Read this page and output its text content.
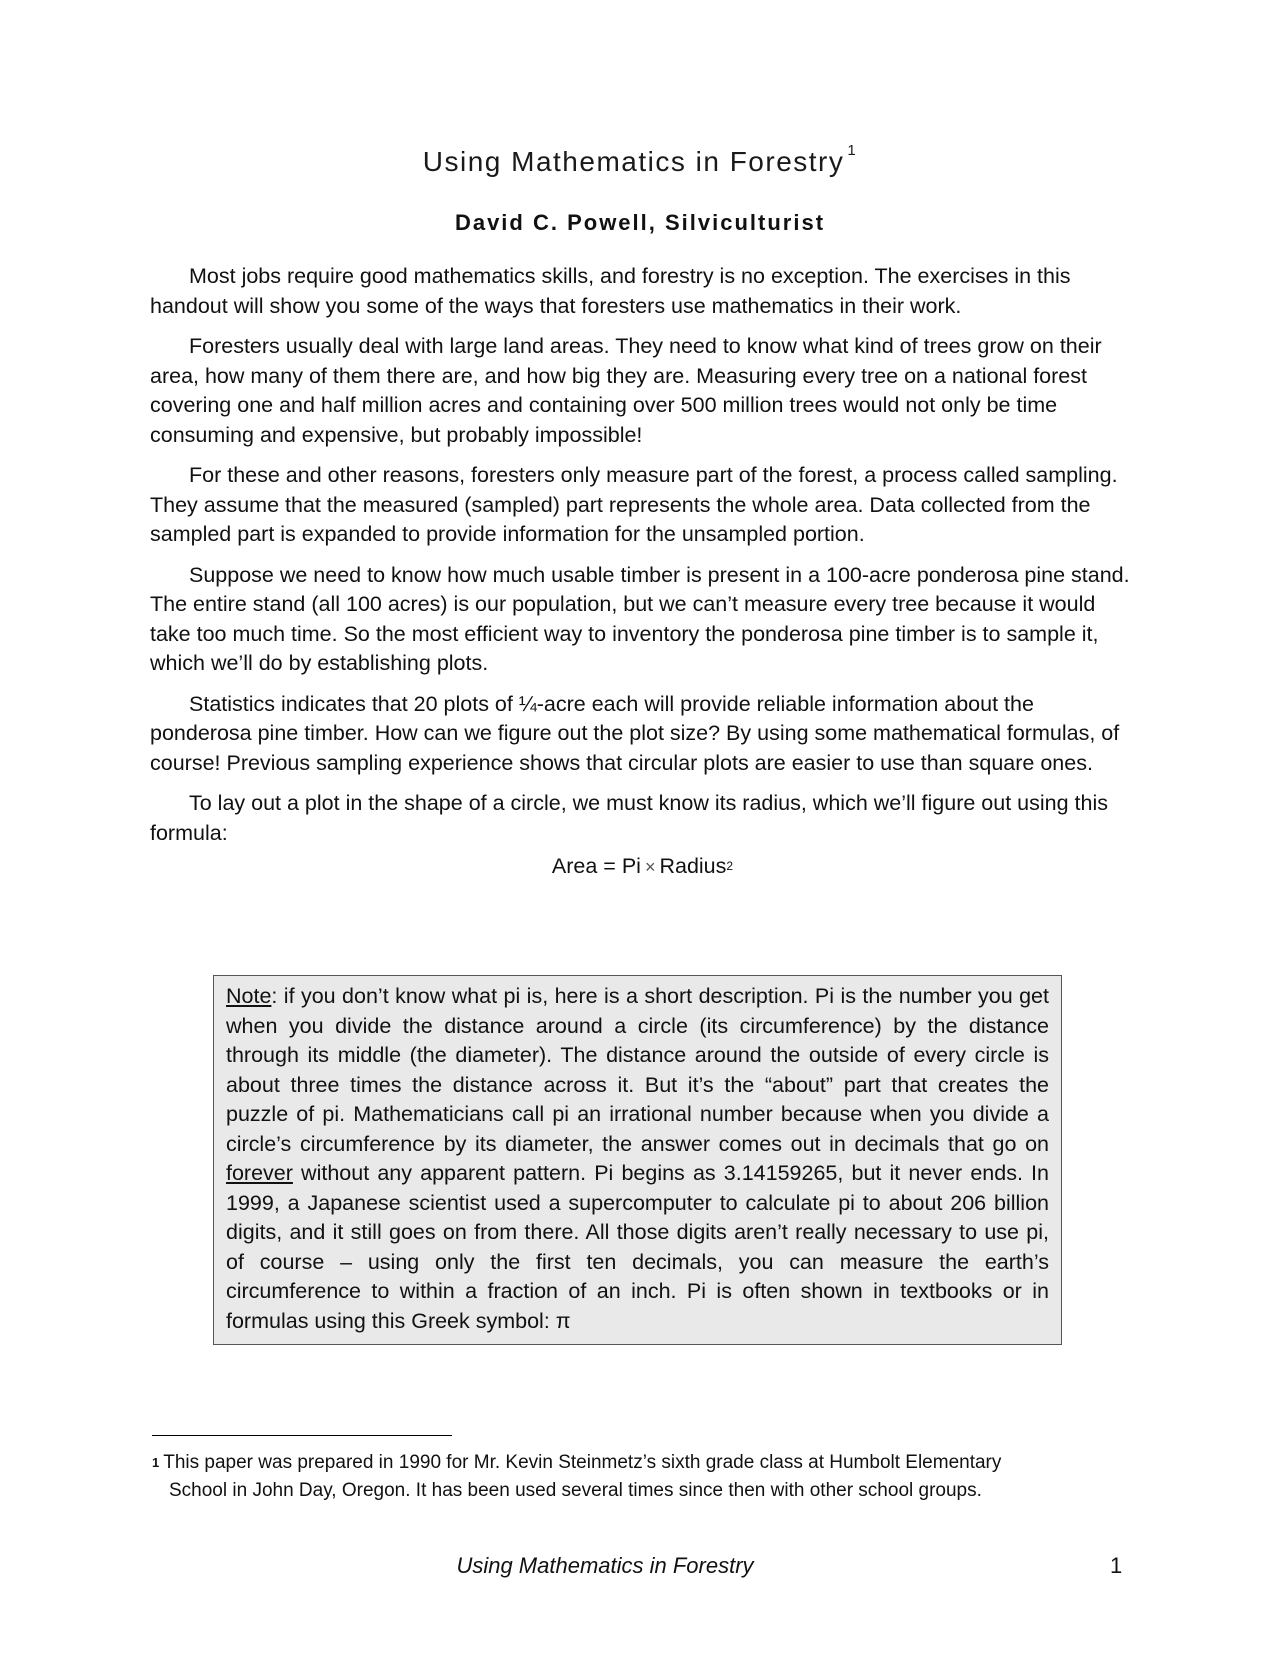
Using Mathematics in Forestry $^1$
David C. Powell, Silviculturist

Most jobs require good mathematics skills, and forestry is no exception. The exercises in this handout will show you some of the ways that foresters use mathematics in their work.

Foresters usually deal with large land areas. They need to know what kind of trees grow on their area, how many of them there are, and how big they are. Measuring every tree on a national forest covering one and half million acres and containing over 500 million trees would not only be time consuming and expensive, but probably impossible!

For these and other reasons, foresters only measure part of the forest, a process called sampling. They assume that the measured (sampled) part represents the whole area. Data collected from the sampled part is expanded to provide information for the unsampled portion.

Suppose we need to know how much usable timber is present in a 100-acre ponderosa pine stand. The entire stand (all 100 acres) is our population, but we can’t measure every tree because it would take too much time. So the most efficient way to inventory the ponderosa pine timber is to sample it, which we’ll do by establishing plots.

Statistics indicates that 20 plots of ¼-acre each will provide reliable information about the ponderosa pine timber. How can we figure out the plot size? By using some mathematical formulas, of course! Previous sampling experience shows that circular plots are easier to use than square ones.

To lay out a plot in the shape of a circle, we must know its radius, which we’ll figure out using this formula:

Area = Pi × Radius$^2$
Note: if you don’t know what pi is, here is a short description. Pi is the number you get when you divide the distance around a circle (its circumference) by the distance through its middle (the diameter). The distance around the outside of every circle is about three times the distance across it. But it’s the “about” part that creates the puzzle of pi. Mathematicians call pi an irrational number because when you divide a circle’s circumference by its diameter, the answer comes out in decimals that go on forever without any apparent pattern. Pi begins as 3.14159265, but it never ends. In 1999, a Japanese scientist used a supercomputer to calculate pi to about 206 billion digits, and it still goes on from there. All those digits aren’t really necessary to use pi, of course – using only the first ten decimals, you can measure the earth’s circumference to within a fraction of an inch. Pi is often shown in textbooks or in formulas using this Greek symbol: π
$^1$ This paper was prepared in 1990 for Mr. Kevin Steinmetz’s sixth grade class at Humbolt Elementary
School in John Day, Oregon. It has been used several times since then with other school groups.
Using Mathematics in Forestry	1
